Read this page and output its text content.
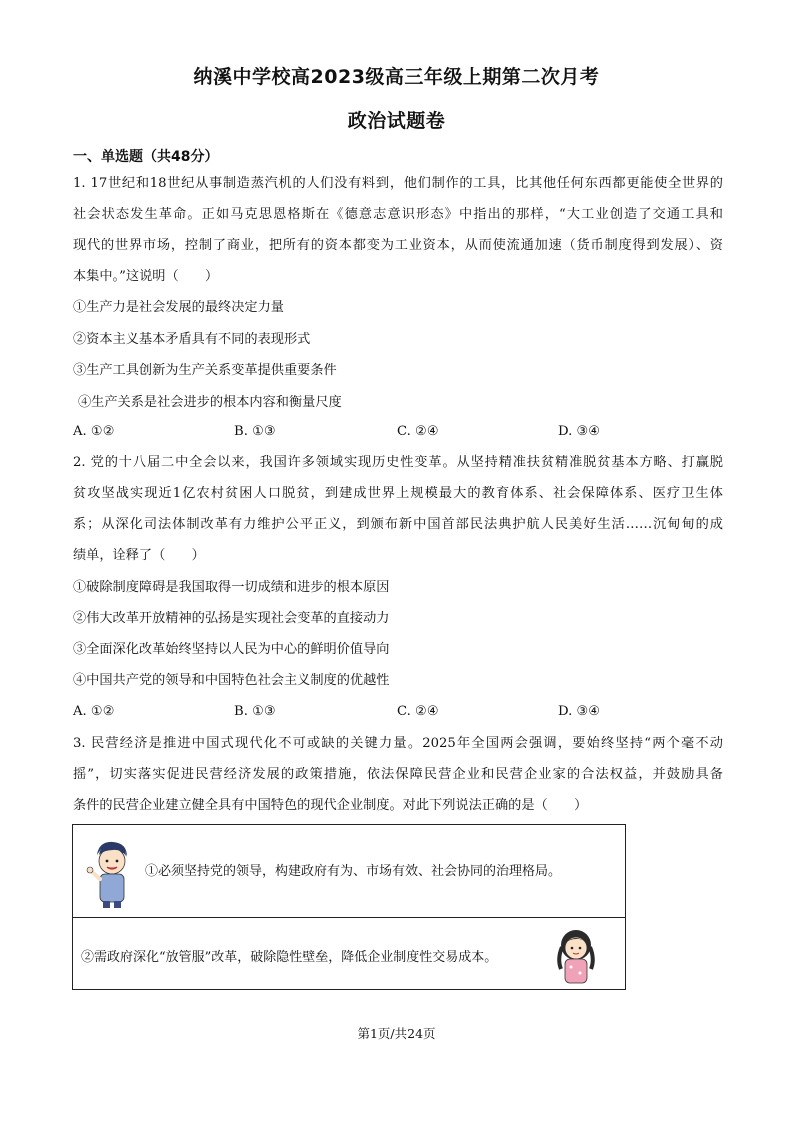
纳溪中学校高2023级高三年级上期第二次月考
政治试题卷
一、单选题（共48分）
1. 17世纪和18世纪从事制造蒸汽机的人们没有料到，他们制作的工具，比其他任何东西都更能使全世界的
社会状态发生革命。正如马克思恩格斯在《德意志意识形态》中指出的那样，“大工业创造了交通工具和
现代的世界市场，控制了商业，把所有的资本都变为工业资本，从而使流通加速（货币制度得到发展）、资
本集中。”这说明（　　）
①生产力是社会发展的最终决定力量
②资本主义基本矛盾具有不同的表现形式
③生产工具创新为生产关系变革提供重要条件
④生产关系是社会进步的根本内容和衡量尺度
A. ①②	B. ①③	C. ②④	D. ③④
2. 党的十八届二中全会以来，我国许多领域实现历史性变革。从坚持精准扶贫精准脱贫基本方略、打赢脱
贫攻坚战实现近1亿农村贫困人口脱贫，到建成世界上规模最大的教育体系、社会保障体系、医疗卫生体
系；从深化司法体制改革有力维护公平正义，到颁布新中国首部民法典护航人民美好生活……沉甸甸的成
绩单，诠释了（　　）
①破除制度障碍是我国取得一切成绩和进步的根本原因
②伟大改革开放精神的弘扬是实现社会变革的直接动力
③全面深化改革始终坚持以人民为中心的鲜明价值导向
④中国共产党的领导和中国特色社会主义制度的优越性
A. ①②	B. ①③	C. ②④	D. ③④
3. 民营经济是推进中国式现代化不可或缺的关键力量。2025年全国两会强调，要始终坚持“两个毫不动
摇”，切实落实促进民营经济发展的政策措施，依法保障民营企业和民营企业家的合法权益，并鼓励具备
条件的民营企业建立健全具有中国特色的现代企业制度。对此下列说法正确的是（　　）
①必须坚持党的领导，构建政府有为、市场有效、社会协同的治理格局。
②需政府深化“放管服”改革，破除隐性壁垒，降低企业制度性交易成本。
第1页/共24页
